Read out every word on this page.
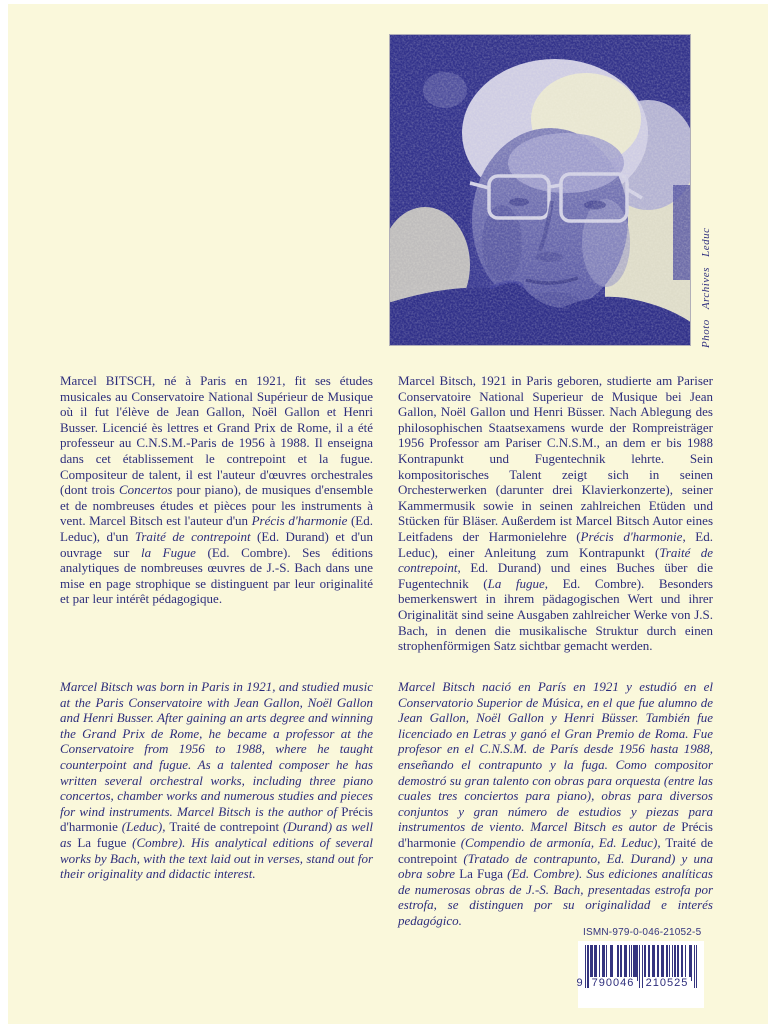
Photo Archives Leduc

Marcel BITSCH, né à Paris en 1921, fit ses études musicales au Conservatoire National Supérieur de Musique où il fut l'élève de Jean Gallon, Noël Gallon et Henri Busser. Licencié ès lettres et Grand Prix de Rome, il a été professeur au C.N.S.M.-Paris de 1956 à 1988. Il enseigna dans cet établissement le contrepoint et la fugue. Compositeur de talent, il est l'auteur d'œuvres orchestrales (dont trois Concertos pour piano), de musiques d'ensemble et de nombreuses études et pièces pour les instruments à vent. Marcel Bitsch est l'auteur d'un Précis d'harmonie (Ed. Leduc), d'un Traité de contrepoint (Ed. Durand) et d'un ouvrage sur la Fugue (Ed. Combre). Ses éditions analytiques de nombreuses œuvres de J.-S. Bach dans une mise en page strophique se distinguent par leur originalité et par leur intérêt pédagogique.

Marcel Bitsch, 1921 in Paris geboren, studierte am Pariser Conservatoire National Superieur de Musique bei Jean Gallon, Noël Gallon und Henri Büsser. Nach Ablegung des philosophischen Staatsexamens wurde der Rompreisträger 1956 Professor am Pariser C.N.S.M., an dem er bis 1988 Kontrapunkt und Fugentechnik lehrte. Sein kompositorisches Talent zeigt sich in seinen Orchesterwerken (darunter drei Klavierkonzerte), seiner Kammermusik sowie in seinen zahlreichen Etüden und Stücken für Bläser. Außerdem ist Marcel Bitsch Autor eines Leitfadens der Harmonielehre (Précis d'harmonie, Ed. Leduc), einer Anleitung zum Kontrapunkt (Traité de contrepoint, Ed. Durand) und eines Buches über die Fugentechnik (La fugue, Ed. Combre). Besonders bemerkenswert in ihrem pädagogischen Wert und ihrer Originalität sind seine Ausgaben zahlreicher Werke von J.S. Bach, in denen die musikalische Struktur durch einen strophenförmigen Satz sichtbar gemacht werden.

Marcel Bitsch was born in Paris in 1921, and studied music at the Paris Conservatoire with Jean Gallon, Noël Gallon and Henri Busser. After gaining an arts degree and winning the Grand Prix de Rome, he became a professor at the Conservatoire from 1956 to 1988, where he taught counterpoint and fugue. As a talented composer he has written several orchestral works, including three piano concertos, chamber works and numerous studies and pieces for wind instruments. Marcel Bitsch is the author of Précis d'harmonie (Leduc), Traité de contrepoint (Durand) as well as La fugue (Combre). His analytical editions of several works by Bach, with the text laid out in verses, stand out for their originality and didactic interest.

Marcel Bitsch nació en París en 1921 y estudió en el Conservatorio Superior de Música, en el que fue alumno de Jean Gallon, Noël Gallon y Henri Büsser. También fue licenciado en Letras y ganó el Gran Premio de Roma. Fue profesor en el C.N.S.M. de París desde 1956 hasta 1988, enseñando el contrapunto y la fuga. Como compositor demostró su gran talento con obras para orquesta (entre las cuales tres conciertos para piano), obras para diversos conjuntos y gran número de estudios y piezas para instrumentos de viento. Marcel Bitsch es autor de Précis d'harmonie (Compendio de armonía, Ed. Leduc), Traité de contrepoint (Tratado de contrapunto, Ed. Durand) y una obra sobre La Fuga (Ed. Combre). Sus ediciones analíticas de numerosas obras de J.-S. Bach, presentadas estrofa por estrofa, se distinguen por su originalidad e interés pedagógico.

ISMN-979-0-046-21052-5
9 790046 210525
